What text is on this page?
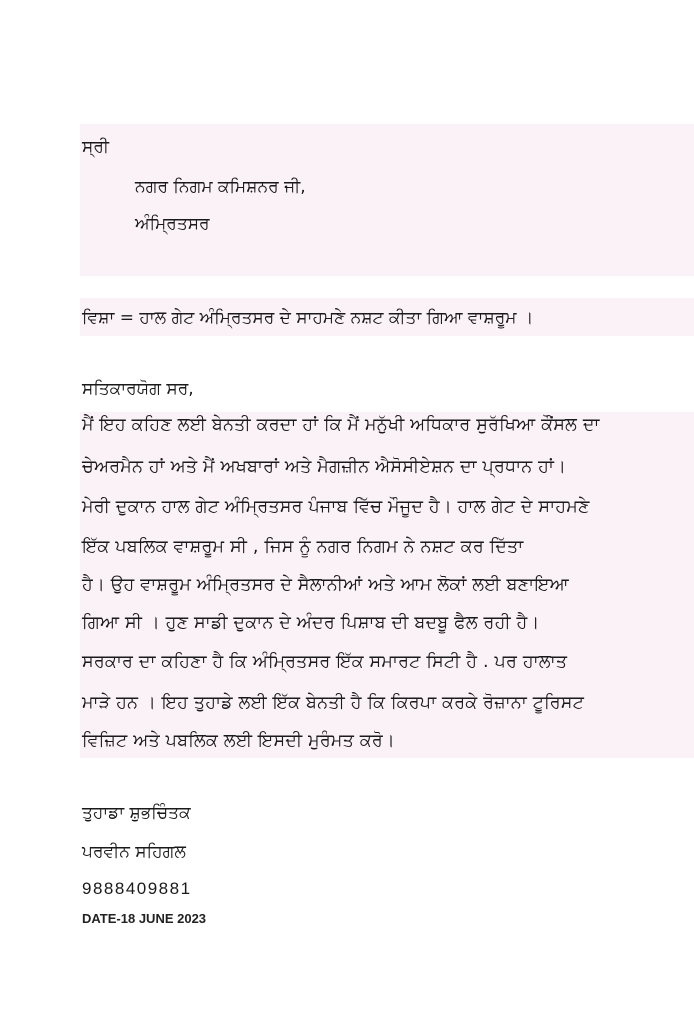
ਸ੍ਰੀ
ਨਗਰ ਨਿਗਮ ਕਮਿਸ਼ਨਰ ਜੀ,
ਅੰਮ੍ਰਿਤਸਰ
ਵਿਸ਼ਾ = ਹਾਲ ਗੇਟ ਅੰਮ੍ਰਿਤਸਰ ਦੇ ਸਾਹਮਣੇ ਨਸ਼ਟ ਕੀਤਾ ਗਿਆ ਵਾਸ਼ਰੂਮ ।
ਸਤਿਕਾਰਯੋਗ ਸਰ,
ਮੈਂ ਇਹ ਕਹਿਣ ਲਈ ਬੇਨਤੀ ਕਰਦਾ ਹਾਂ ਕਿ ਮੈਂ ਮਨੁੱਖੀ ਅਧਿਕਾਰ ਸੁਰੱਖਿਆ ਕੌਂਸਲ ਦਾ
ਚੇਅਰਮੈਨ ਹਾਂ ਅਤੇ ਮੈਂ ਅਖਬਾਰਾਂ ਅਤੇ ਮੈਗਜ਼ੀਨ ਐਸੋਸੀਏਸ਼ਨ ਦਾ ਪ੍ਰਧਾਨ ਹਾਂ।
ਮੇਰੀ ਦੁਕਾਨ ਹਾਲ ਗੇਟ ਅੰਮ੍ਰਿਤਸਰ ਪੰਜਾਬ ਵਿੱਚ ਮੌਜੂਦ ਹੈ। ਹਾਲ ਗੇਟ ਦੇ ਸਾਹਮਣੇ
ਇੱਕ ਪਬਲਿਕ ਵਾਸ਼ਰੂਮ ਸੀ , ਜਿਸ ਨੂੰ ਨਗਰ ਨਿਗਮ ਨੇ ਨਸ਼ਟ ਕਰ ਦਿੱਤਾ
ਹੈ। ਉਹ ਵਾਸ਼ਰੂਮ ਅੰਮ੍ਰਿਤਸਰ ਦੇ ਸੈਲਾਨੀਆਂ ਅਤੇ ਆਮ ਲੋਕਾਂ ਲਈ ਬਣਾਇਆ
ਗਿਆ ਸੀ । ਹੁਣ ਸਾਡੀ ਦੁਕਾਨ ਦੇ ਅੰਦਰ ਪਿਸ਼ਾਬ ਦੀ ਬਦਬੂ ਫੈਲ ਰਹੀ ਹੈ।
ਸਰਕਾਰ ਦਾ ਕਹਿਣਾ ਹੈ ਕਿ ਅੰਮ੍ਰਿਤਸਰ ਇੱਕ ਸਮਾਰਟ ਸਿਟੀ ਹੈ . ਪਰ ਹਾਲਾਤ
ਮਾੜੇ ਹਨ । ਇਹ ਤੁਹਾਡੇ ਲਈ ਇੱਕ ਬੇਨਤੀ ਹੈ ਕਿ ਕਿਰਪਾ ਕਰਕੇ ਰੋਜ਼ਾਨਾ ਟੂਰਿਸਟ
ਵਿਜ਼ਿਟ ਅਤੇ ਪਬਲਿਕ ਲਈ ਇਸਦੀ ਮੁਰੰਮਤ ਕਰੋ।
ਤੁਹਾਡਾ ਸ਼ੁਭਚਿੰਤਕ
ਪਰਵੀਨ ਸਹਿਗਲ
9888409881
DATE-18 JUNE 2023
